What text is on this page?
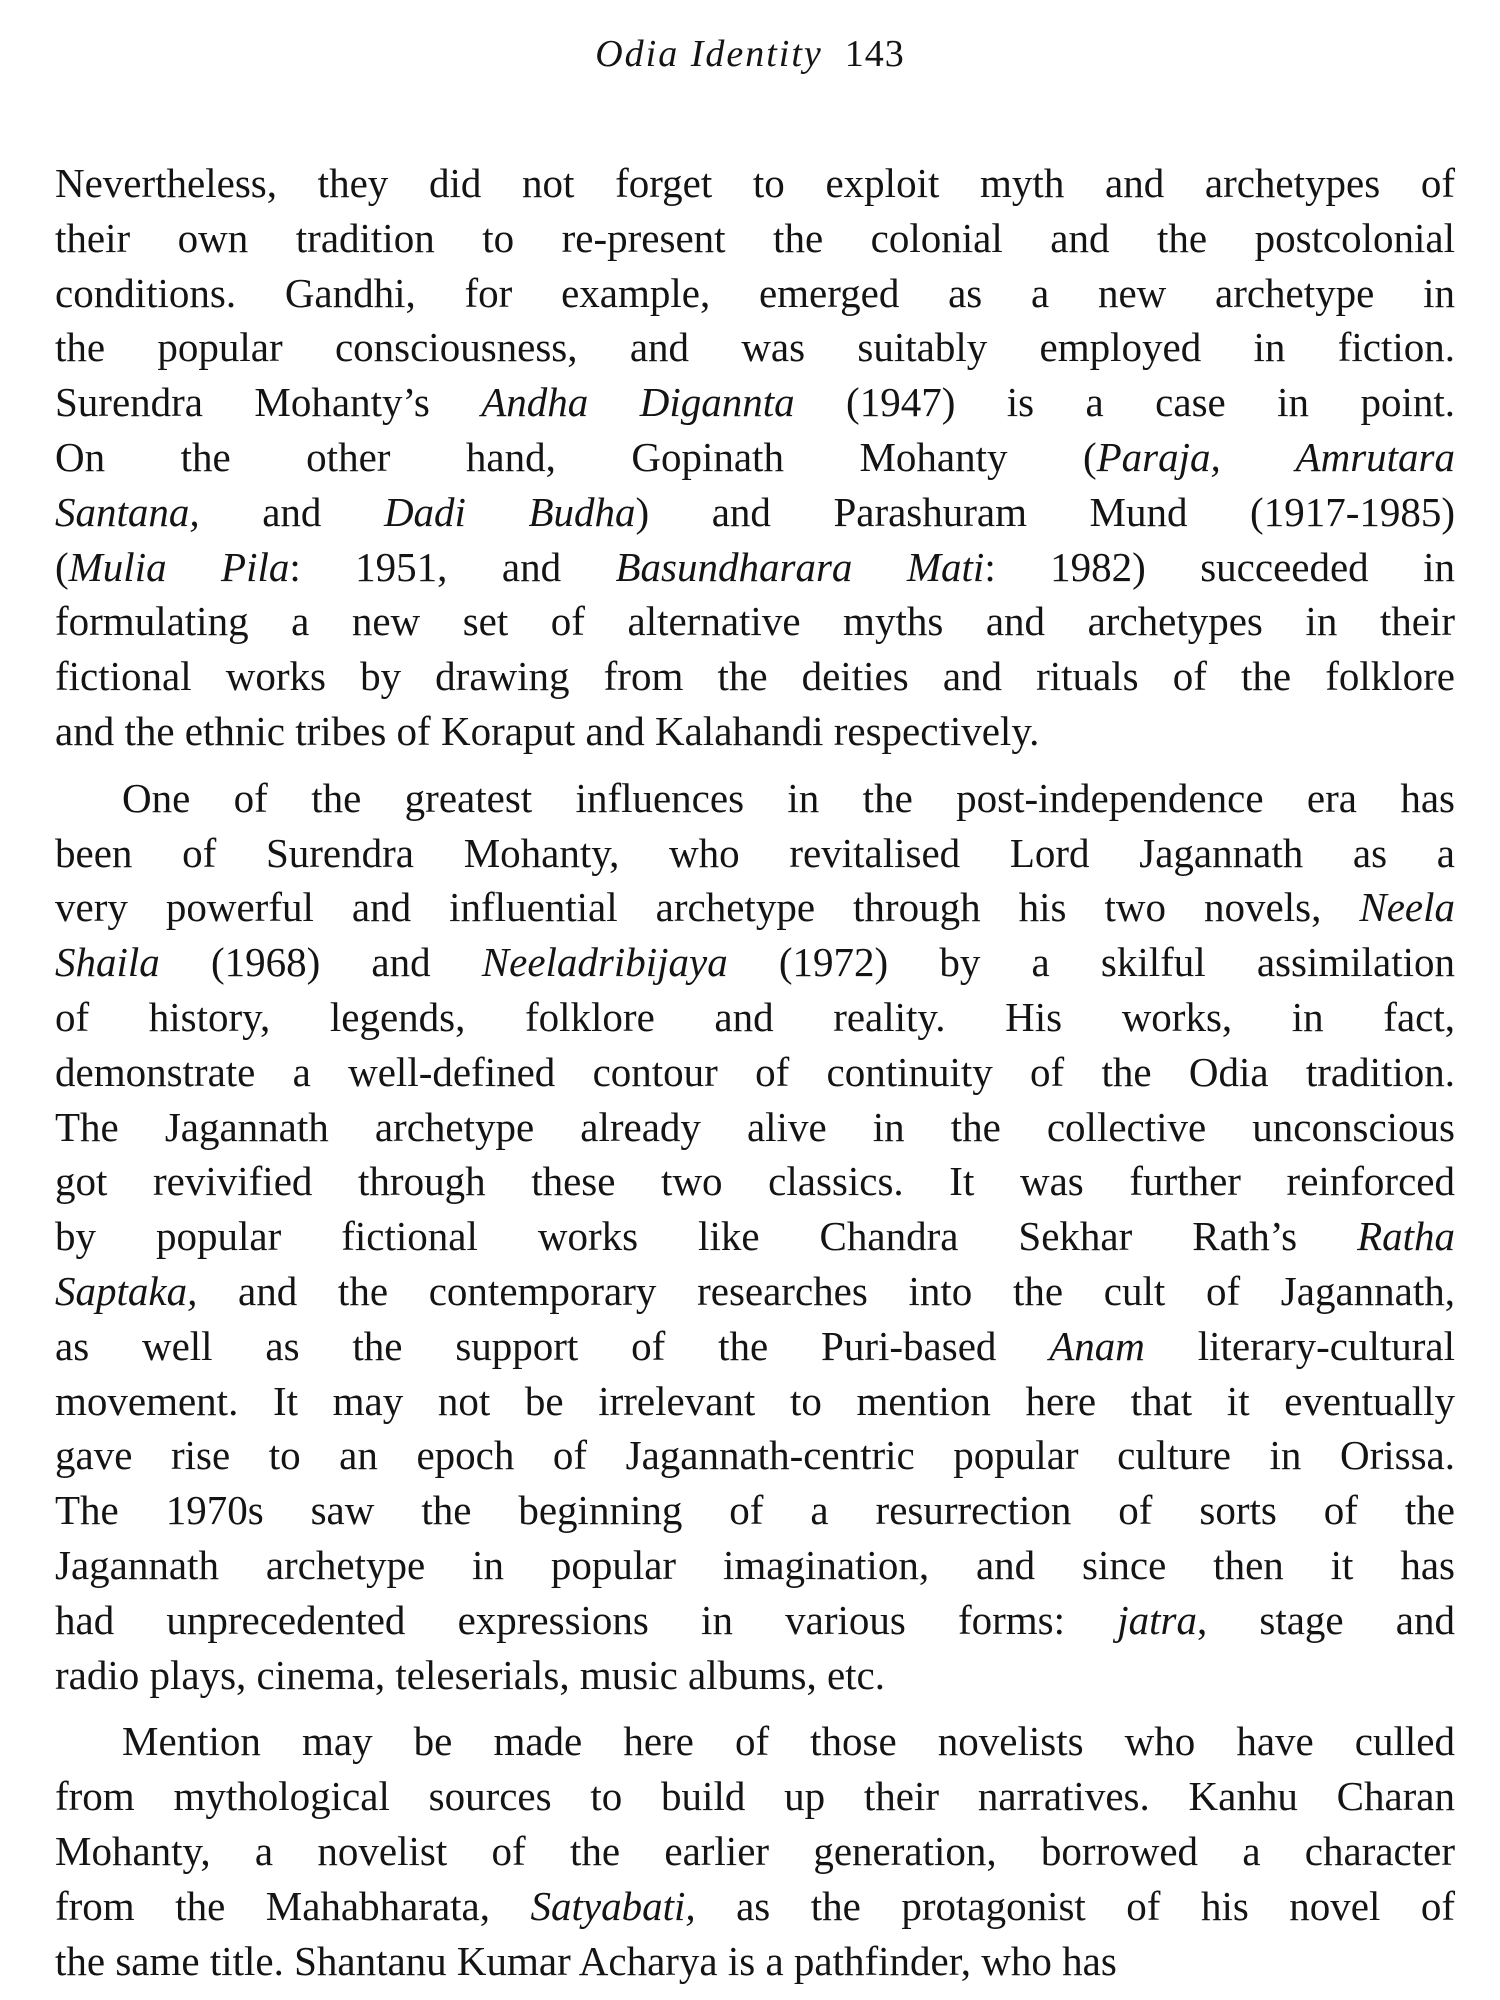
Odia Identity 143
Nevertheless, they did not forget to exploit myth and archetypes of
their own tradition to re-present the colonial and the postcolonial
conditions. Gandhi, for example, emerged as a new archetype in
the popular consciousness, and was suitably employed in fiction.
Surendra Mohanty’s Andha Digannta (1947) is a case in point.
On the other hand, Gopinath Mohanty (Paraja, Amrutara
Santana, and Dadi Budha) and Parashuram Mund (1917-1985)
(Mulia Pila: 1951, and Basundharara Mati: 1982) succeeded in
formulating a new set of alternative myths and archetypes in their
fictional works by drawing from the deities and rituals of the folklore
and the ethnic tribes of Koraput and Kalahandi respectively.
One of the greatest influences in the post-independence era has
been of Surendra Mohanty, who revitalised Lord Jagannath as a
very powerful and influential archetype through his two novels, Neela
Shaila (1968) and Neeladribijaya (1972) by a skilful assimilation
of history, legends, folklore and reality. His works, in fact,
demonstrate a well-defined contour of continuity of the Odia tradition.
The Jagannath archetype already alive in the collective unconscious
got revivified through these two classics. It was further reinforced
by popular fictional works like Chandra Sekhar Rath’s Ratha
Saptaka, and the contemporary researches into the cult of Jagannath,
as well as the support of the Puri-based Anam literary-cultural
movement. It may not be irrelevant to mention here that it eventually
gave rise to an epoch of Jagannath-centric popular culture in Orissa.
The 1970s saw the beginning of a resurrection of sorts of the
Jagannath archetype in popular imagination, and since then it has
had unprecedented expressions in various forms: jatra, stage and
radio plays, cinema, teleserials, music albums, etc.
Mention may be made here of those novelists who have culled
from mythological sources to build up their narratives. Kanhu Charan
Mohanty, a novelist of the earlier generation, borrowed a character
from the Mahabharata, Satyabati, as the protagonist of his novel of
the same title. Shantanu Kumar Acharya is a pathfinder, who has
